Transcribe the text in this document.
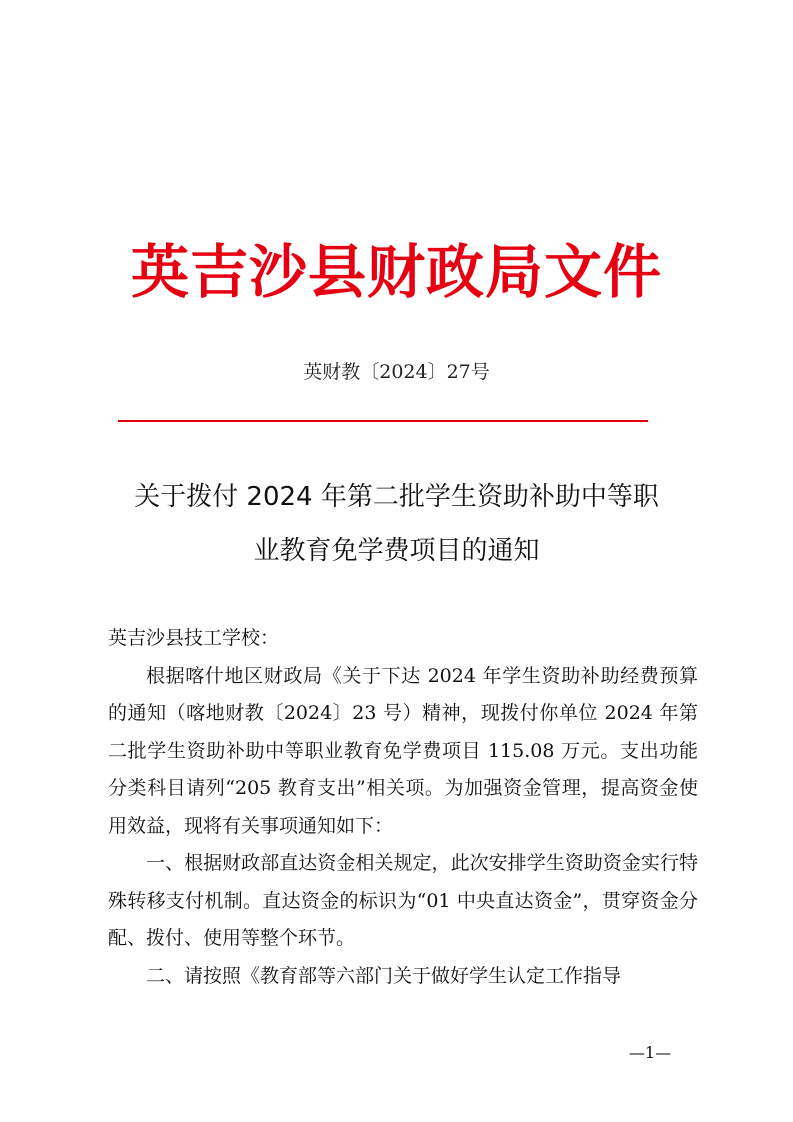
英吉沙县财政局文件
英财教〔2024〕27号
关于拨付 2024 年第二批学生资助补助中等职
业教育免学费项目的通知

英吉沙县技工学校：

根据喀什地区财政局《关于下达 2024 年学生资助补助经费预算的通知（喀地财教〔2024〕23 号）精神，现拨付你单位 2024 年第二批学生资助补助中等职业教育免学费项目 115.08 万元。支出功能分类科目请列“205 教育支出”相关项。为加强资金管理，提高资金使用效益，现将有关事项通知如下：

一、根据财政部直达资金相关规定，此次安排学生资助资金实行特殊转移支付机制。直达资金的标识为“01 中央直达资金”，贯穿资金分配、拨付、使用等整个环节。

二、请按照《教育部等六部门关于做好学生认定工作指导

—1—
